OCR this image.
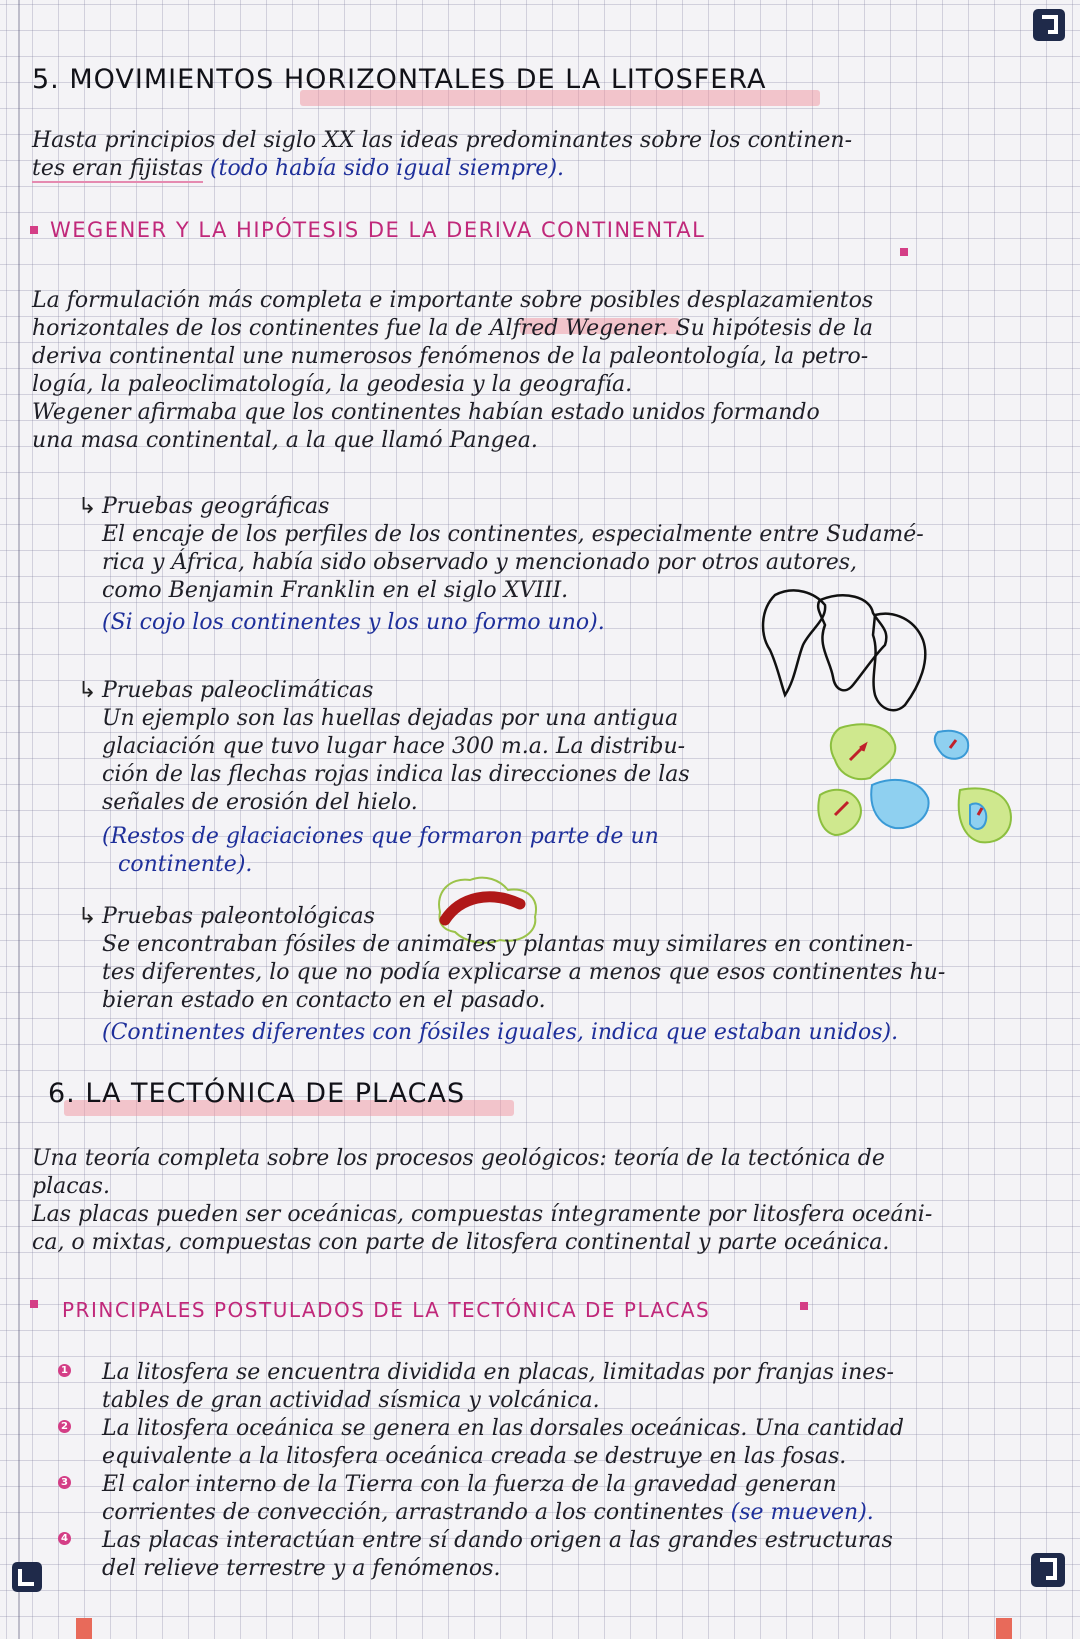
5. MOVIMIENTOS HORIZONTALES DE LA LITOSFERA
Hasta principios del siglo XX las ideas predominantes sobre los continen-
tes eran fijistas (todo había sido igual siempre).
WEGENER Y LA HIPÓTESIS DE LA DERIVA CONTINENTAL
La formulación más completa e importante sobre posibles desplazamientos
horizontales de los continentes fue la de Alfred Wegener. Su hipótesis de la
deriva continental une numerosos fenómenos de la paleontología, la petro-
logía, la paleoclimatología, la geodesia y la geografía.
Wegener afirmaba que los continentes habían estado unidos formando
una masa continental, a la que llamó Pangea.
↳ Pruebas geográficas
El encaje de los perfiles de los continentes, especialmente entre Sudamé-
rica y África, había sido observado y mencionado por otros autores,
como Benjamin Franklin en el siglo XVIII.
(Si cojo los continentes y los uno formo uno).
↳ Pruebas paleoclimáticas
Un ejemplo son las huellas dejadas por una antigua
glaciación que tuvo lugar hace 300 m.a. La distribu-
ción de las flechas rojas indica las direcciones de las
señales de erosión del hielo.
(Restos de glaciaciones que formaron parte de un
continente).
↳ Pruebas paleontológicas
Se encontraban fósiles de animales y plantas muy similares en continen-
tes diferentes, lo que no podía explicarse a menos que esos continentes hu-
bieran estado en contacto en el pasado.
(Continentes diferentes con fósiles iguales, indica que estaban unidos).
6. LA TECTÓNICA DE PLACAS
Una teoría completa sobre los procesos geológicos: teoría de la tectónica de
placas.
Las placas pueden ser oceánicas, compuestas íntegramente por litosfera oceáni-
ca, o mixtas, compuestas con parte de litosfera continental y parte oceánica.
PRINCIPALES POSTULADOS DE LA TECTÓNICA DE PLACAS
1 La litosfera se encuentra dividida en placas, limitadas por franjas ines-
tables de gran actividad sísmica y volcánica.
2 La litosfera oceánica se genera en las dorsales oceánicas. Una cantidad
equivalente a la litosfera oceánica creada se destruye en las fosas.
3 El calor interno de la Tierra con la fuerza de la gravedad generan
corrientes de convección, arrastrando a los continentes (se mueven).
4 Las placas interactúan entre sí dando origen a las grandes estructuras
del relieve terrestre y a fenómenos.
